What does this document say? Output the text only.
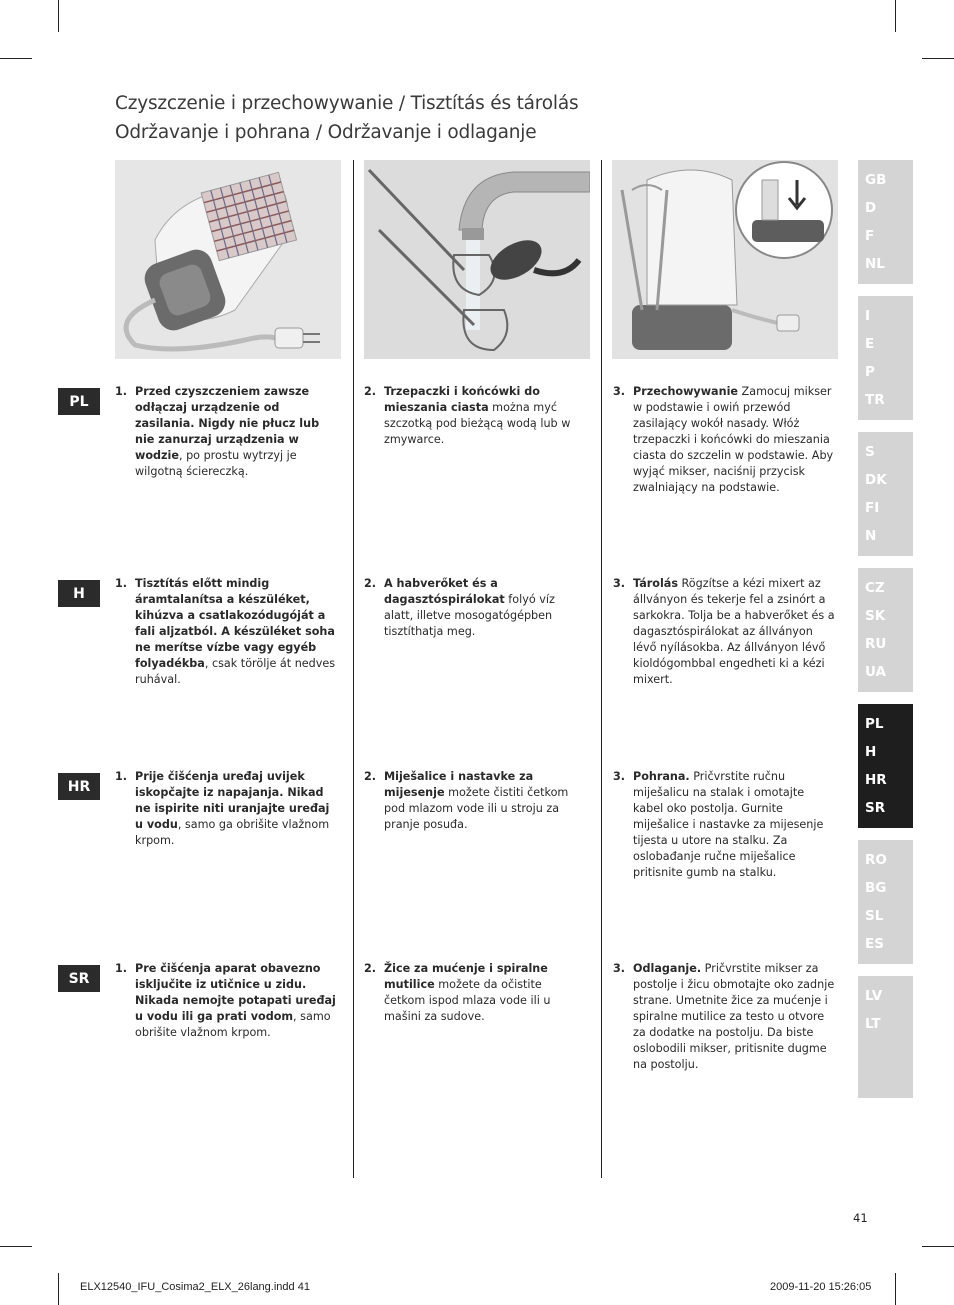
Czyszczenie i przechowywanie / Tisztítás és tárolás
Održavanje i pohrana / Održavanje i odlaganje
PL
H
HR
SR
1. Przed czyszczeniem zawsze odłączaj urządzenie od zasilania. Nigdy nie płucz lub nie zanurzaj urządzenia w wodzie, po prostu wytrzyj je wilgotną ściereczką.
2. Trzepaczki i końcówki do mieszania ciasta można myć szczotką pod bieżącą wodą lub w zmywarce.
3. Przechowywanie Zamocuj mikser w podstawie i owiń przewód zasilający wokół nasady. Włóż trzepaczki i końcówki do mieszania ciasta do szczelin w podstawie. Aby wyjąć mikser, naciśnij przycisk zwalniający na podstawie.
1. Tisztítás előtt mindig áramtalanítsa a készüléket, kihúzva a csatlakozódugóját a fali aljzatból. A készüléket soha ne merítse vízbe vagy egyéb folyadékba, csak törölje át nedves ruhával.
2. A habverőket és a dagasztóspirálokat folyó víz alatt, illetve mosogatógépben tisztíthatja meg.
3. Tárolás Rögzítse a kézi mixert az állványon és tekerje fel a zsinórt a sarkokra. Tolja be a habverőket és a dagasztóspirálokat az állványon lévő nyílásokba. Az állványon lévő kioldógombbal engedheti ki a kézi mixert.
1. Prije čišćenja uređaj uvijek iskopčajte iz napajanja. Nikad ne ispirite niti uranjajte uređaj u vodu, samo ga obrišite vlažnom krpom.
2. Miješalice i nastavke za mijesenje možete čistiti četkom pod mlazom vode ili u stroju za pranje posuđa.
3. Pohrana. Pričvrstite ručnu miješalicu na stalak i omotajte kabel oko postolja. Gurnite miješalice i nastavke za mijesenje tijesta u utore na stalku. Za oslobađanje ručne miješalice pritisnite gumb na stalku.
1. Pre čišćenja aparat obavezno isključite iz utičnice u zidu. Nikada nemojte potapati uređaj u vodu ili ga prati vodom, samo obrišite vlažnom krpom.
2. Žice za mućenje i spiralne mutilice možete da očistite četkom ispod mlaza vode ili u mašini za sudove.
3. Odlaganje. Pričvrstite mikser za postolje i žicu obmotajte oko zadnje strane. Umetnite žice za mućenje i spiralne mutilice za testo u otvore za dodatke na postolju. Da biste oslobodili mikser, pritisnite dugme na postolju.
GB
D
F
NL
I
E
P
TR
S
DK
FI
N
CZ
SK
RU
UA
PL
H
HR
SR
RO
BG
SL
ES
LV
LT
41
ELX12540_IFU_Cosima2_ELX_26lang.indd 41	2009-11-20 15:26:05
